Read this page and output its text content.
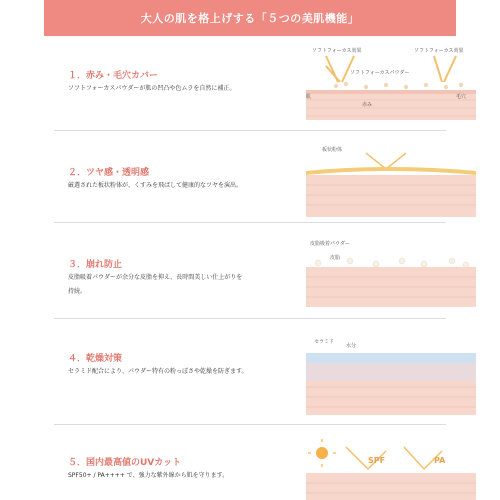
大人の肌を格上げする「５つの美肌機能」
１．赤み・毛穴カバー
ソフトフォーカスパウダーが肌の凹凸や色ムラを自然に補正。
ソフトフォーカス効果	ソフトフォーカス効果
ソフトフォーカスパウダー
肌
赤み
毛穴
２．ツヤ感・透明感
厳選された板状粉体が、くすみを飛ばして健康的なツヤを演出。
板状粉体
３．崩れ防止
皮脂吸着パウダーが余分な皮脂を抑え、長時間美しい仕上がりを持続。
皮脂吸着パウダー
皮脂
４．乾燥対策
セラミド配合により、パウダー特有の粉っぽさや乾燥を防ぎます。
セラミド
水分
５．国内最高値のUVカット
SPF50+ / PA++++ で、強力な紫外線から肌を守ります。
SPF	PA
